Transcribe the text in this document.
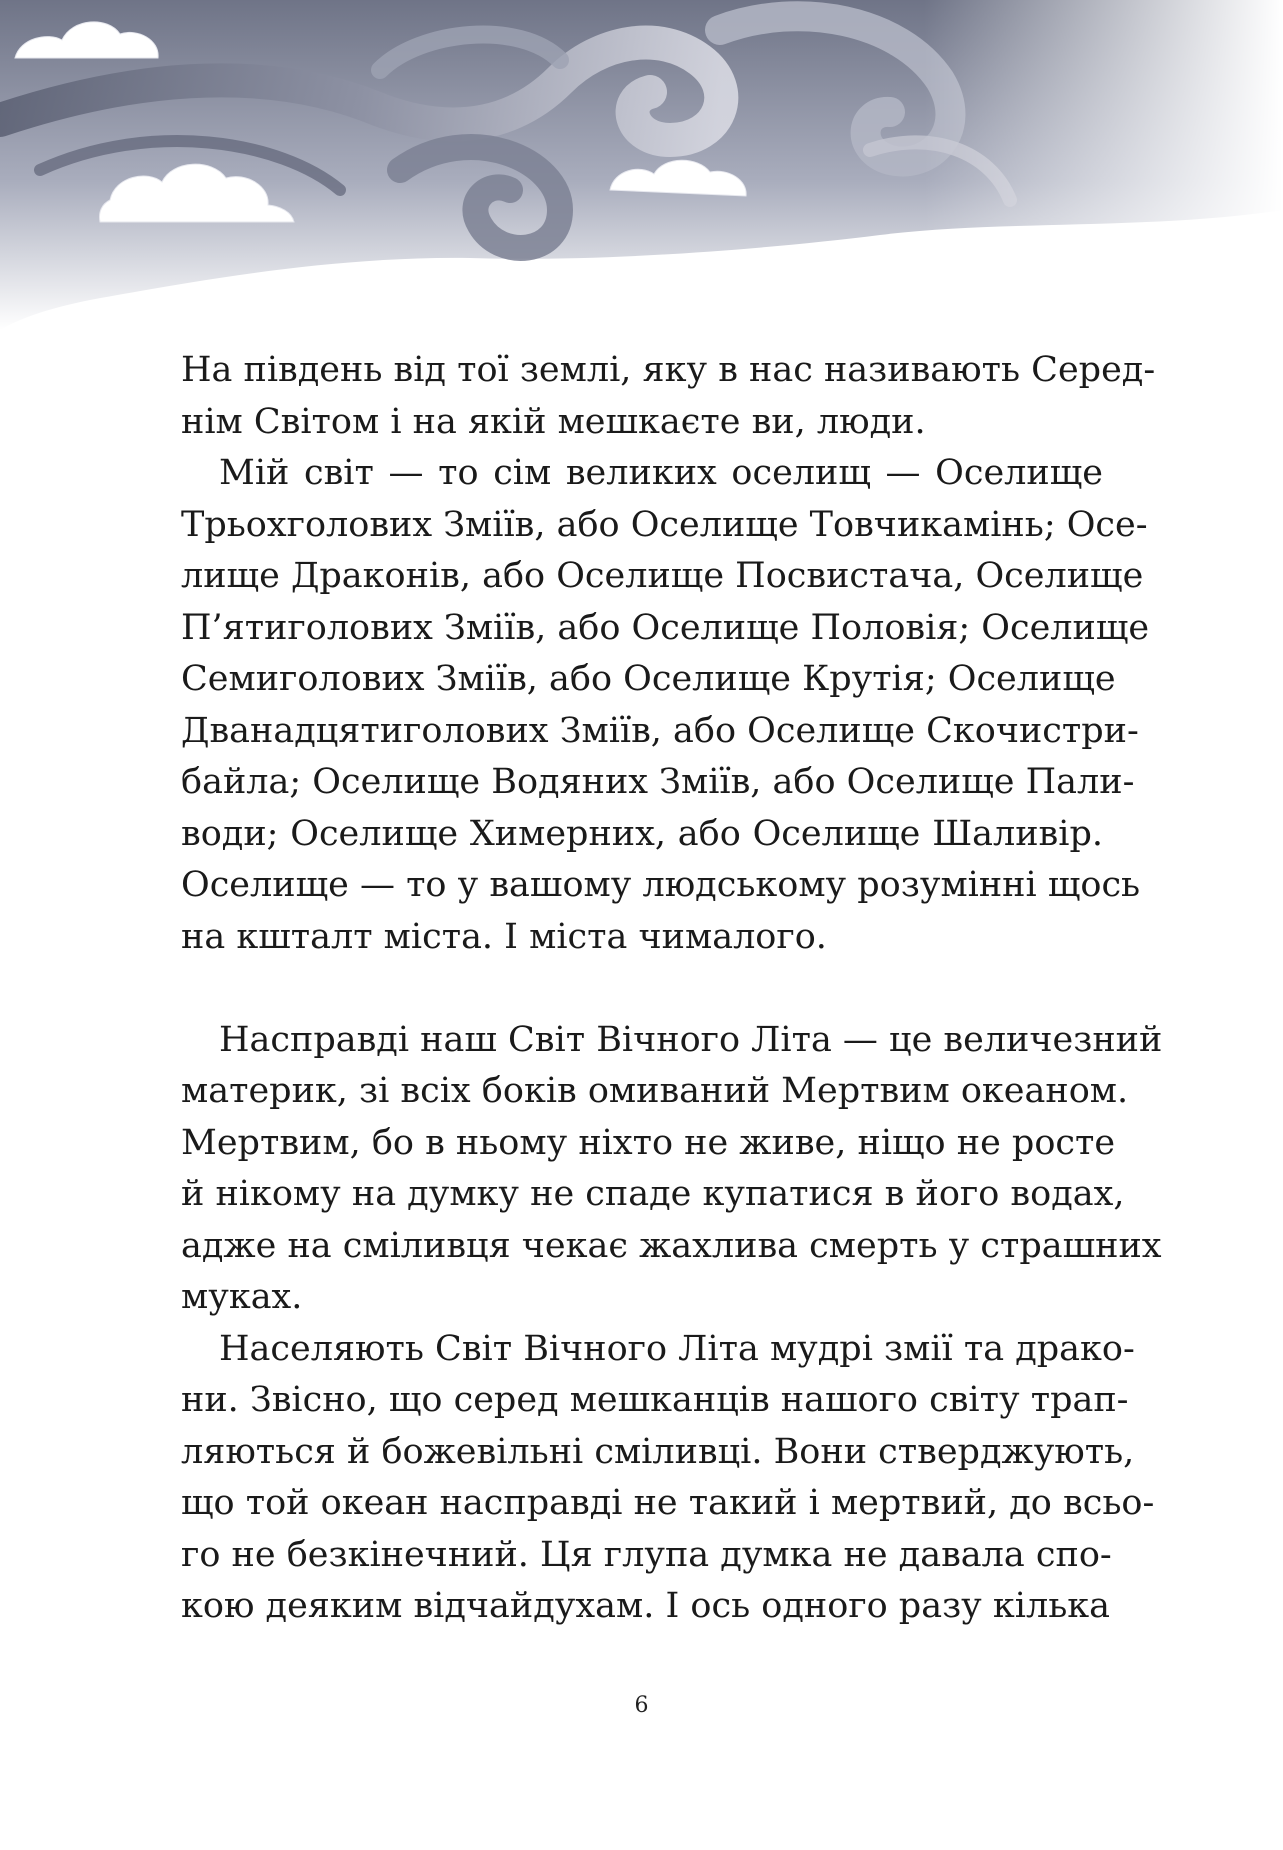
На південь від тої землі, яку в нас називають Серед-
нім Світом і на якій мешкаєте ви, люди.
Мій світ — то сім великих оселищ — Оселище
Трьохголових Зміїв, або Оселище Товчикамінь; Осе-
лище Драконів, або Оселище Посвистача, Оселище
П’ятиголових Зміїв, або Оселище Половія; Оселище
Семиголових Зміїв, або Оселище Крутія; Оселище
Дванадцятиголових Зміїв, або Оселище Скочистри-
байла; Оселище Водяних Зміїв, або Оселище Пали-
води; Оселище Химерних, або Оселище Шаливір.
Оселище — то у вашому людському розумінні щось
на кшталт міста. І міста чималого.
Насправді наш Світ Вічного Літа — це величезний
материк, зі всіх боків омиваний Мертвим океаном.
Мертвим, бо в ньому ніхто не живе, ніщо не росте
й нікому на думку не спаде купатися в його водах,
адже на сміливця чекає жахлива смерть у страшних
муках.
Населяють Світ Вічного Літа мудрі змії та драко-
ни. Звісно, що серед мешканців нашого світу трап-
ляються й божевільні сміливці. Вони стверджують,
що той океан насправді не такий і мертвий, до всьо-
го не безкінечний. Ця глупа думка не давала спо-
кою деяким відчайдухам. І ось одного разу кілька
6
